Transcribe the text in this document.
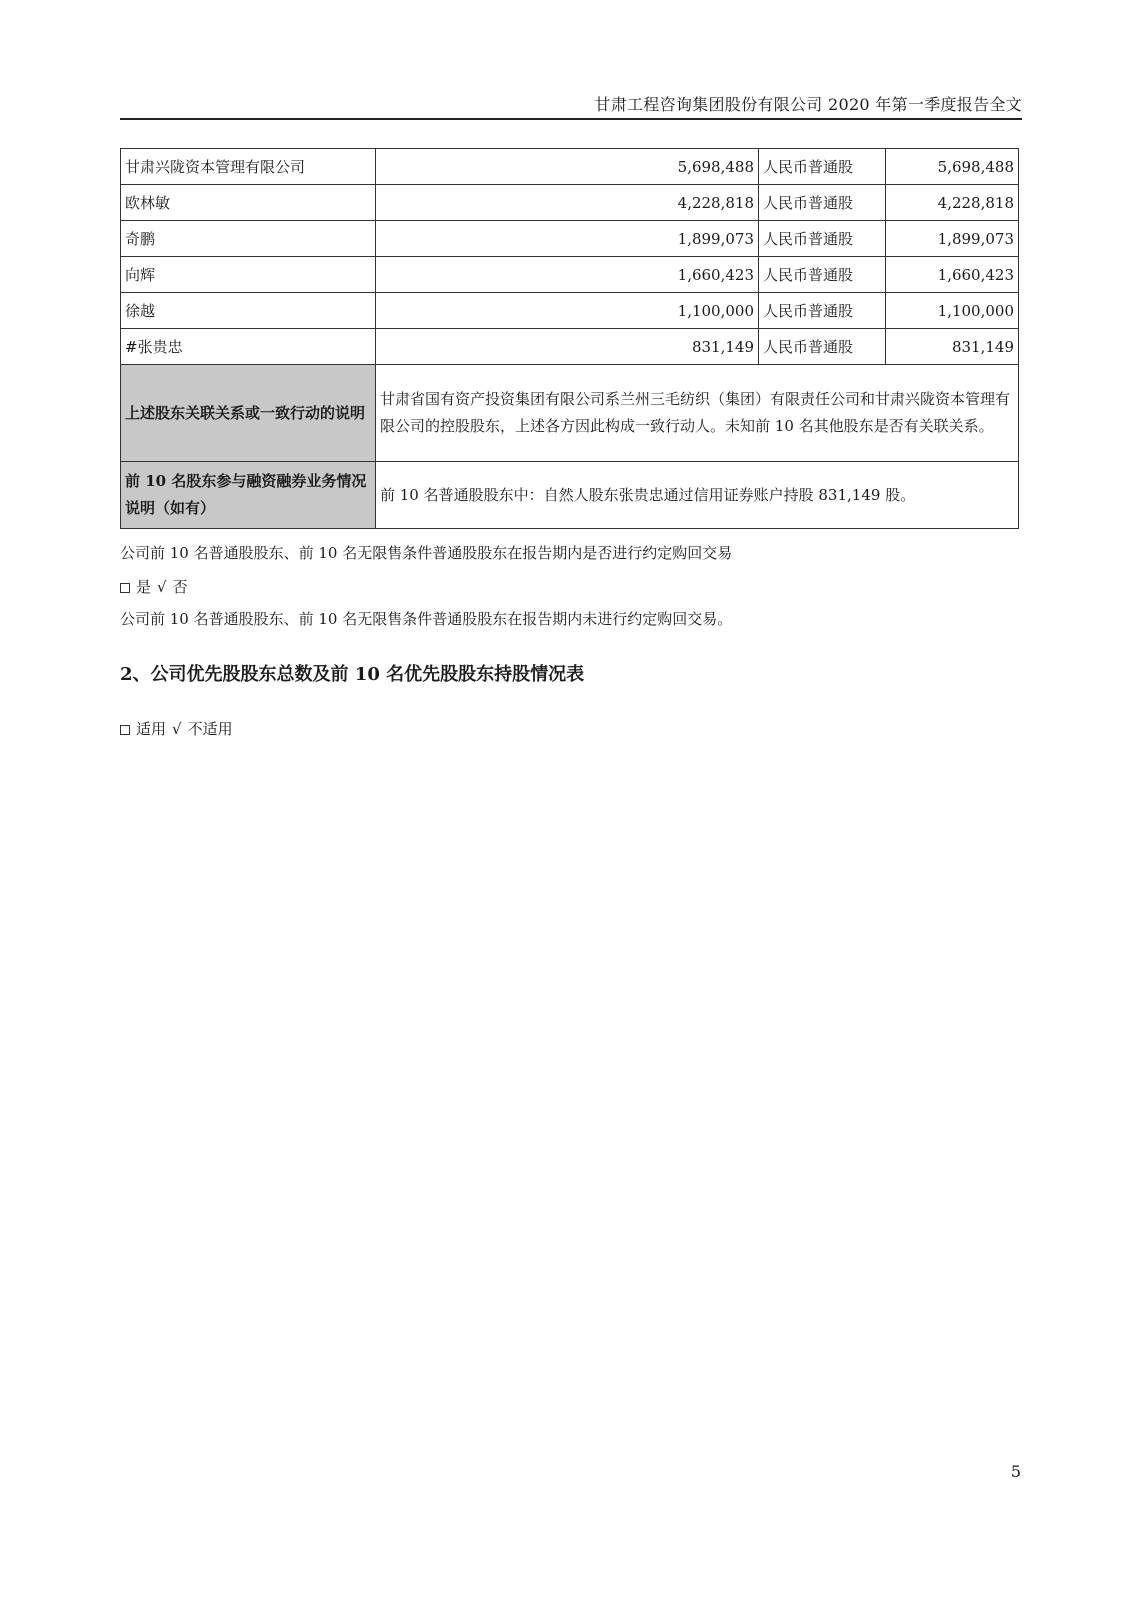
甘肃工程咨询集团股份有限公司 2020 年第一季度报告全文
甘肃兴陇资本管理有限公司	5,698,488	人民币普通股	5,698,488
欧林敏	4,228,818	人民币普通股	4,228,818
奇鹏	1,899,073	人民币普通股	1,899,073
向辉	1,660,423	人民币普通股	1,660,423
徐越	1,100,000	人民币普通股	1,100,000
#张贵忠	831,149	人民币普通股	831,149
上述股东关联关系或一致行动的说明	甘肃省国有资产投资集团有限公司系兰州三毛纺织（集团）有限责任公司和甘肃兴陇资本管理有限公司的控股股东，上述各方因此构成一致行动人。未知前 10 名其他股东是否有关联关系。		
前 10 名股东参与融资融券业务情况说明（如有）	前 10 名普通股股东中：自然人股东张贵忠通过信用证券账户持股 831,149 股。		
公司前 10 名普通股股东、前 10 名无限售条件普通股股东在报告期内是否进行约定购回交易
是 √ 否
公司前 10 名普通股股东、前 10 名无限售条件普通股股东在报告期内未进行约定购回交易。
2、公司优先股股东总数及前 10 名优先股股东持股情况表
适用 √ 不适用
5
